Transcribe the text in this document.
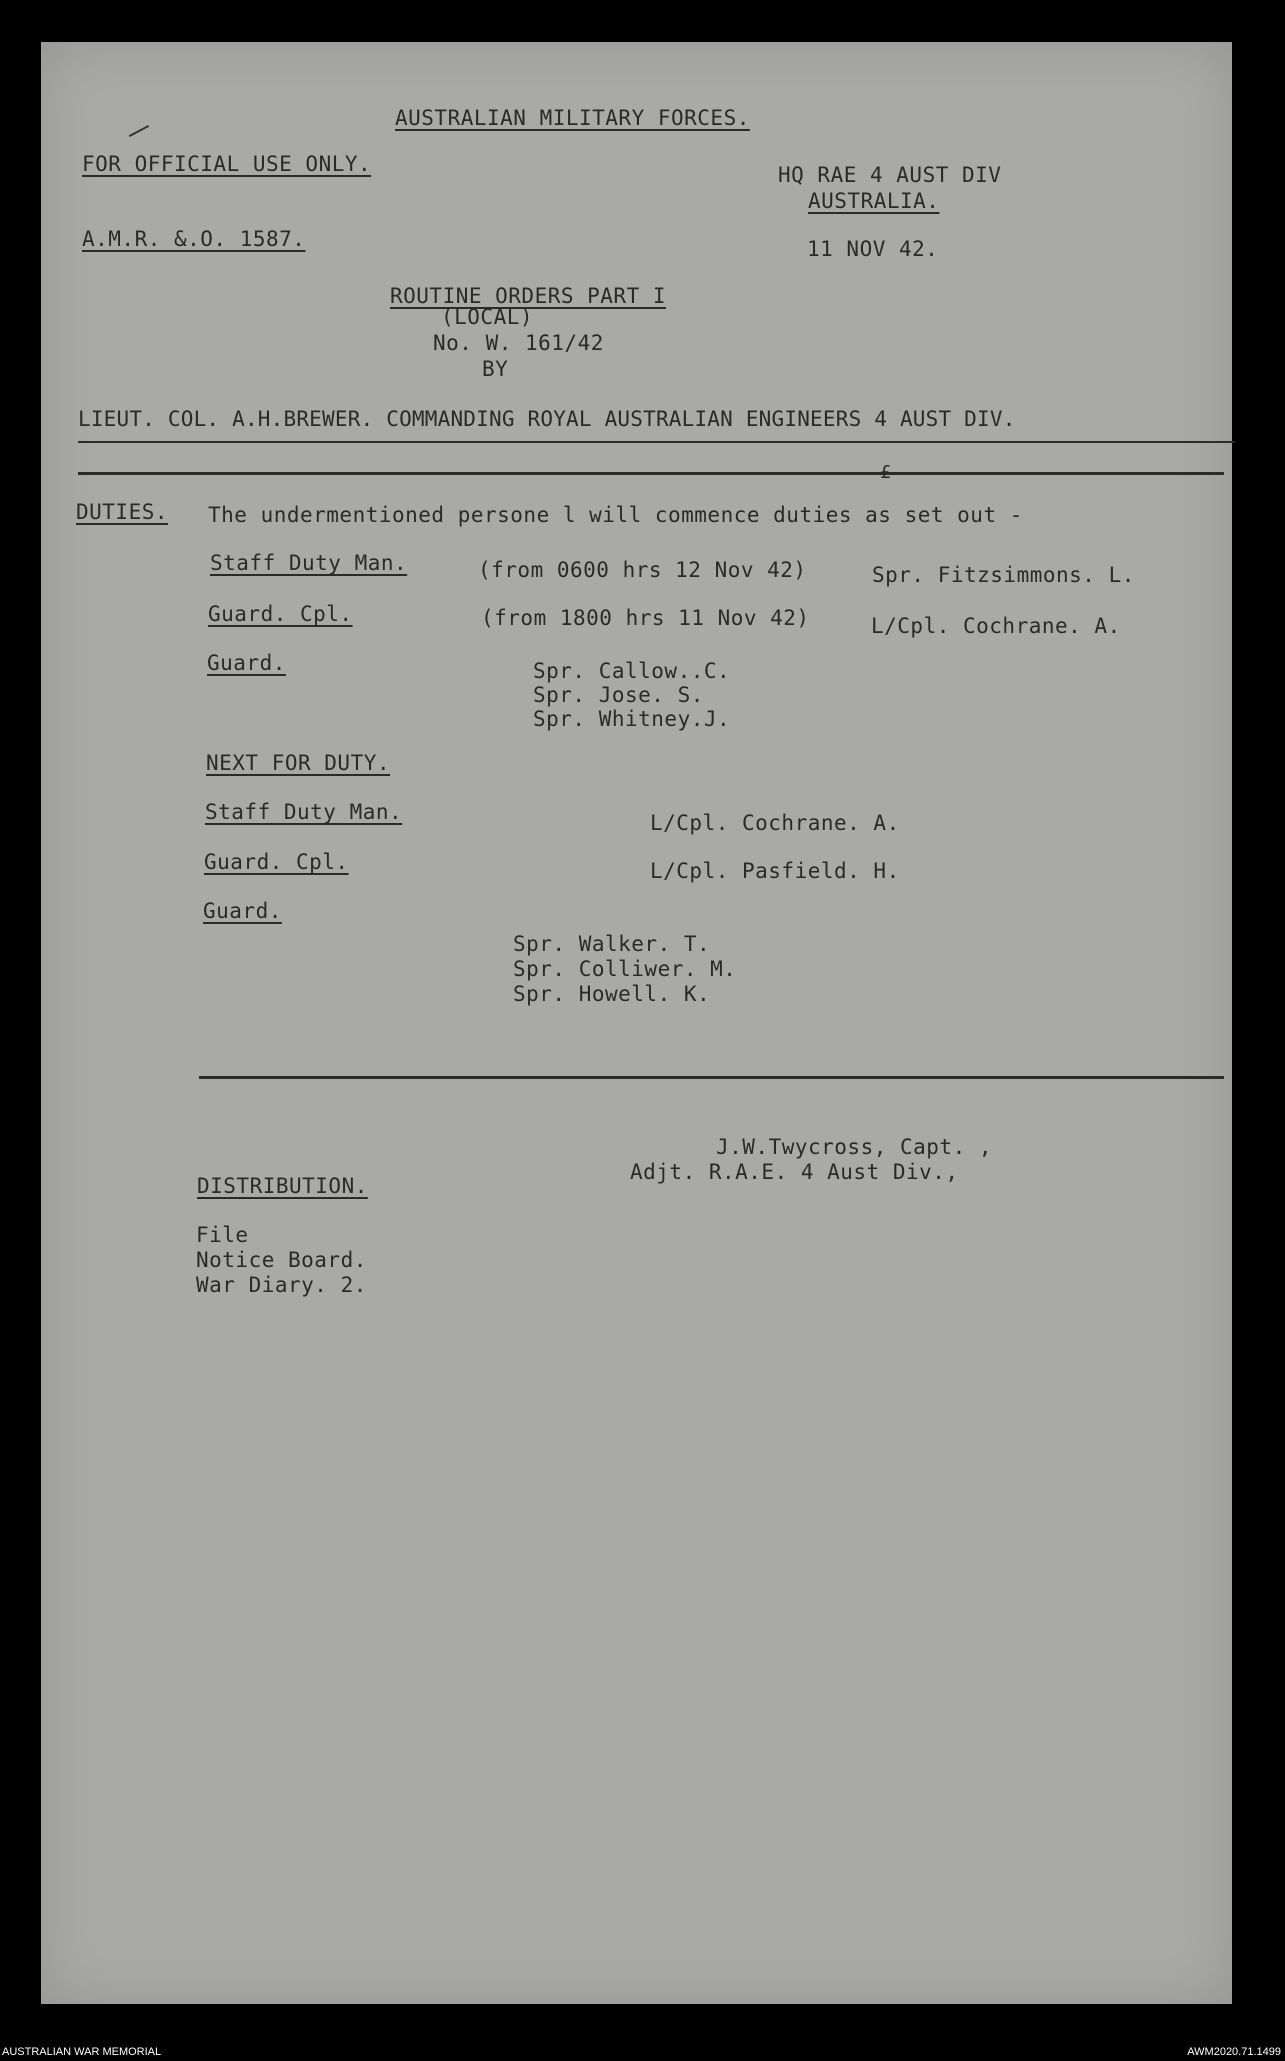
AUSTRALIAN MILITARY FORCES.
FOR OFFICIAL USE ONLY.	HQ RAE 4 AUST DIV
AUSTRALIA.
A.M.R. &.O. 1587.	11 NOV 42.
ROUTINE ORDERS PART I
(LOCAL)
No. W. 161/42
BY
LIEUT. COL. A.H.BREWER. COMMANDING ROYAL AUSTRALIAN ENGINEERS 4 AUST DIV.
£
DUTIES. The undermentioned persone l will commence duties as set out -
Staff Duty Man.	(from 0600 hrs 12 Nov 42)	Spr. Fitzsimmons. L.
Guard. Cpl.	(from 1800 hrs 11 Nov 42)	L/Cpl. Cochrane. A.
Guard.	Spr. Callow..C.
Spr. Jose. S.
Spr. Whitney.J.
NEXT FOR DUTY.
Staff Duty Man.	L/Cpl. Cochrane. A.
Guard. Cpl.	L/Cpl. Pasfield. H.
Guard.
Spr. Walker. T.
Spr. Colliwer. M.
Spr. Howell. K.
J.W.Twycross, Capt. ,
Adjt. R.A.E. 4 Aust Div.,
DISTRIBUTION.
File
Notice Board.
War Diary. 2.
AUSTRALIAN WAR MEMORIAL	AWM2020.71.1499
